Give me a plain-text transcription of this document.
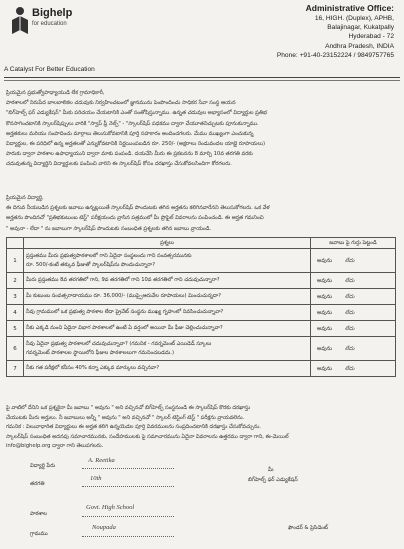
Bighelp
for education
Administrative Office:
16, HIGH. (Duplex), APHB,
Balajinagar, Kukatpally
Hyderabad - 72
Andhra Pradesh, INDIA
Phone: +91-40-23152224 / 9849757765
A Catalyst For Better Education
ప్రియమైన ప్రభుత్వోపాధ్యాయుడి లేక గ్రామాధికారీ,
పాఠశాలలో నిరుపేద బాలబాలికల చదువుకు నిర్వహించటంలో జ్ఞానమును పెంపొందించు సాధికర సేవా సంస్థ ఆయన
"బిగ్‌హెల్ప్ ఫర్ ఎడ్యుకేషన్" మీకు పరిచయం చేయటానికి ఎంతో సంతోషిస్తున్నాము. ఉన్నత చదువుల అభ్యాసంలో విద్యార్థుల ప్రతిభ
కొనసాగించటానికి స్కాలర్‌షిప్పులు వారికి "స్వాప్ ఫ్రీ నెల్ప్" - "స్కాలర్‌షిప్ పధకము ద్వారా చేయూతనిచ్చుటకు పూనుకున్నాము.
అర్హతకులు మరియు సంపాదించు మార్గాలు తెలుసుకోవటానికి పూర్తి సహకారం అందించగలరు. మేము ముఖ్యంగా ఎంచుకున్న
విద్యార్థుల, ఈ పరిధిలో ఉన్న అర్హతలతో ఎన్నుకోవటానికి నిర్ణయింపబడిన రూ. 250/- (అక్షరాలు రెండువందల యాభై రూపాయలు)
పారుకు ద్వారా పాఠశాల ఉపాధ్యాయుని ద్వారా మాకు పంపండి. దయచేసి మీరు ఈ ప్రకటనను 8 మార్చి 10వ తరగతి వరకు
చదువుతున్న విద్యార్థిని విద్యార్థులకు పంపించి వారిని ఈ స్కాలర్‌షిప్ కోసం దరఖాస్తు చేసుకోవలసిందిగా కోరగలరు.
ప్రియమైన విద్యార్థి,
ఈ దిగువ నీయబడిన ప్రశ్నలకు జవాబు ఉన్నట్లయితే స్కాలర్‌షిప్ పొందుటకు తగిన అర్హతను కలిగినవారేనని తెలుసుకోగలరు. ఒక వేళ
అర్హతను పొందినచో "ప్రతిభకుటుంబ టెస్ట్" పరీక్షయందు వ్రాసిన పత్రములో మీ ప్రొఫైల్ వివరాలను పంపించండి. ఈ అర్హత గమనించి
" అవునా - లేదా " ను జవాబుగా స్కాలర్‌షిప్ పొందుటకు సంబంధిత ప్రశ్నలకు తగిన జవాబు వ్రాయండి.
	ప్రశ్నలు	జవాబు పై గుర్తు పెట్టండి
1	ప్రస్తుతము మీరు ప్రభుత్వపాఠశాలలో గాని ఏదైనా సంస్థలందు గాని సంవత్సరమునకు
రూ. 500/-కంటే తక్కువ ఫీజుతో స్కాలర్‌షిప్‌ను పొందుచున్నారా?	అవును లేదు
2	మీరు ప్రస్తుతము 8వ తరగతిలో గాని, 9వ తరగతిలో గాని 10వ తరగతిలో గాని చదువుచున్నారా?	అవును లేదు
3	మీ కుటుంబ సంవత్సరాదాయము రూ. 36,000/- (ముప్పైఆరువేల రూపాయలు) మించుచున్నదా?	అవును లేదు
4	నీవు గ్రామములో ఒక ప్రభుత్వ పాఠశాల లేదా ప్రైవేట్ సంస్థను ముఖ్య గృహంలో నివసించుచున్నావా?	అవును లేదు
5	నీకు ఎక్కడి నుంచి ఏదైనా విభాగ పాఠశాలలో ఉంటే ఏ వర్షంలో అయినా మీ ఫీజు చెల్లించుచున్నావా?	అవును లేదు
6	నీవు ఏదైనా ప్రభుత్వ పాఠశాలలో చదువుచున్నావా? (గమనిక - గవర్నమెంట్ ఎయిడెడ్ స్కూలు
గవర్నమెంట్ పాఠశాలల స్థాయిలోని ఫీజుల పాఠశాలలుగా గమనించబడదు.)	అవును లేదు
7	నీకు గత పరీక్షలో కనీసం 40% కన్నా ఎక్కువ మార్కులు వచ్చినవా?	అవును లేదు
పై వాటిలో దేనిని ఒక ప్రశ్నకైనా మీ జవాబు " అవును " అని వచ్చినచో బిగ్‌హెల్ప్ సంస్థనుండి ఈ స్కాలర్‌షిప్ కొరకు దరఖాస్తు
చేయుటకు మీరు అర్హులు. నీ జవాబులు అన్నీ " అవును " అని వచ్చినచో " స్కాలర్ టెస్టింగ్ టెస్ట్ " పరీక్షను వ్రాయవలెను.
గమనిక : విలువాధారిత విద్యార్థులు ఈ అర్హత కలిగి ఉన్నయెడల పూర్తి వివరములను సంప్రదించటానికి దరఖాస్తు చేసుకోవచ్చును.
స్కాలర్‌షిప్ సంబంధిత అదనపు సమాచారమునకు, సందేహములకు పై సమాచారమును ఏదైనా వివరాలను ఉత్తరము ద్వారా గాని, ఈ-మెయిల్
info@bighelp.org ద్వారా గాని తెలుపగలరు.
విద్యార్థి పేరు
A. Reetika
తరగతి
10th
పాఠశాల
Govt. High School
గ్రామము
Noupada
మీ
బిగ్‌హెల్ప్ ఫర్ ఎడ్యుకేషన్
ఫౌండర్ & ప్రెసిడెంట్
